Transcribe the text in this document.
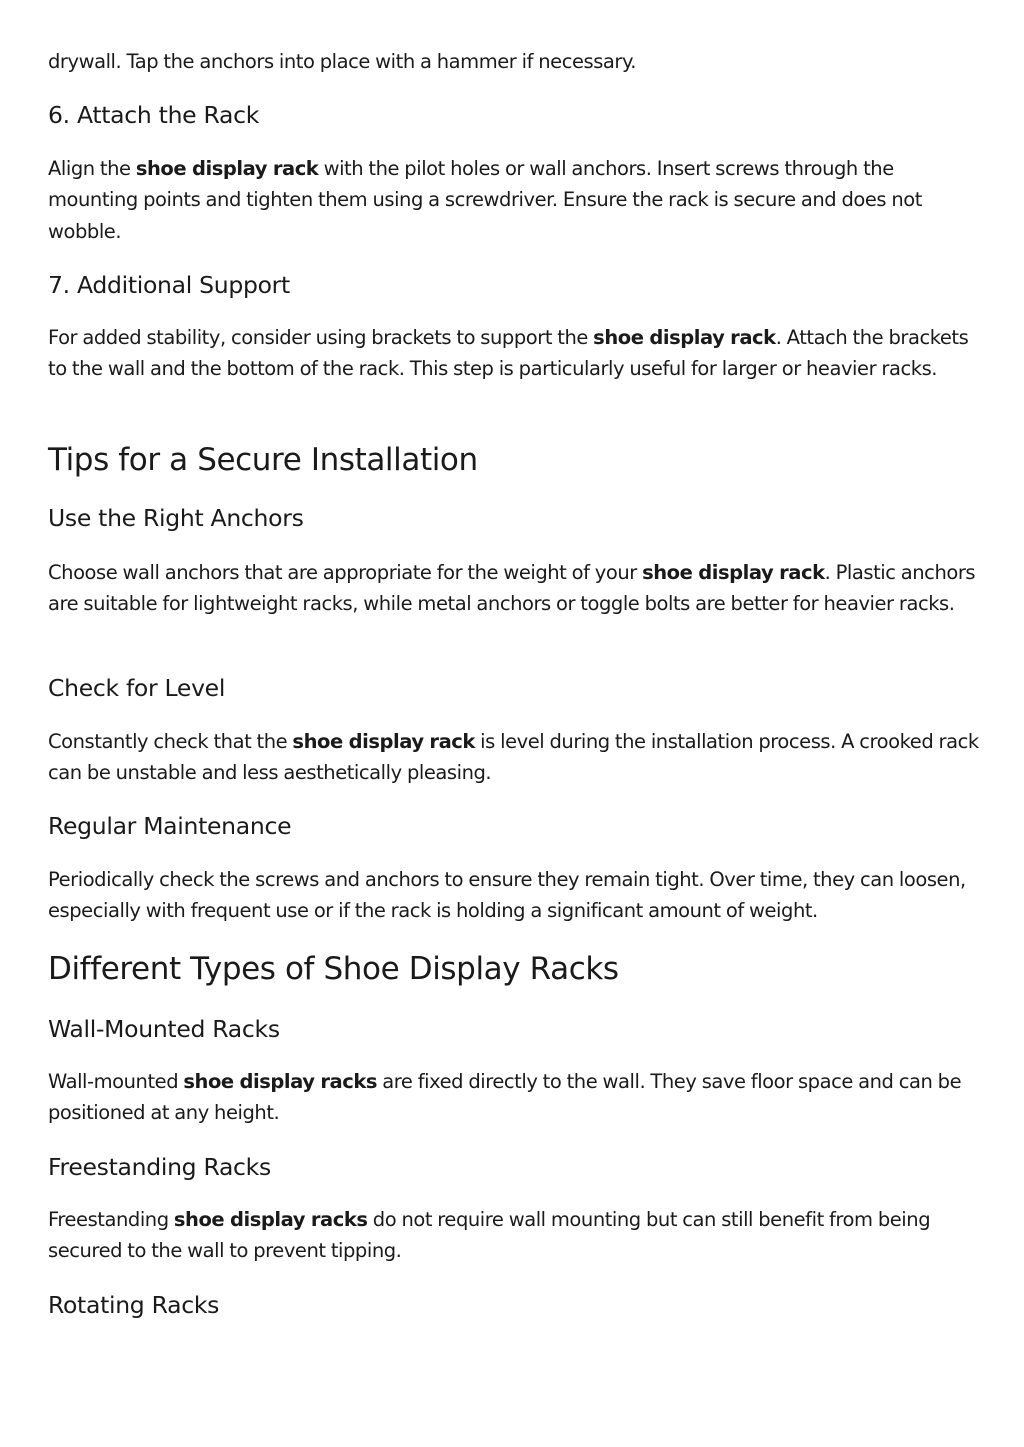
drywall. Tap the anchors into place with a hammer if necessary.

6. Attach the Rack

Align the shoe display rack with the pilot holes or wall anchors. Insert screws through the mounting points and tighten them using a screwdriver. Ensure the rack is secure and does not wobble.

7. Additional Support

For added stability, consider using brackets to support the shoe display rack. Attach the brackets to the wall and the bottom of the rack. This step is particularly useful for larger or heavier racks.

Tips for a Secure Installation
Use the Right Anchors

Choose wall anchors that are appropriate for the weight of your shoe display rack. Plastic anchors are suitable for lightweight racks, while metal anchors or toggle bolts are better for heavier racks.

Check for Level

Constantly check that the shoe display rack is level during the installation process. A crooked rack can be unstable and less aesthetically pleasing.

Regular Maintenance

Periodically check the screws and anchors to ensure they remain tight. Over time, they can loosen, especially with frequent use or if the rack is holding a significant amount of weight.

Different Types of Shoe Display Racks
Wall-Mounted Racks

Wall-mounted shoe display racks are fixed directly to the wall. They save floor space and can be positioned at any height.

Freestanding Racks

Freestanding shoe display racks do not require wall mounting but can still benefit from being secured to the wall to prevent tipping.

Rotating Racks
